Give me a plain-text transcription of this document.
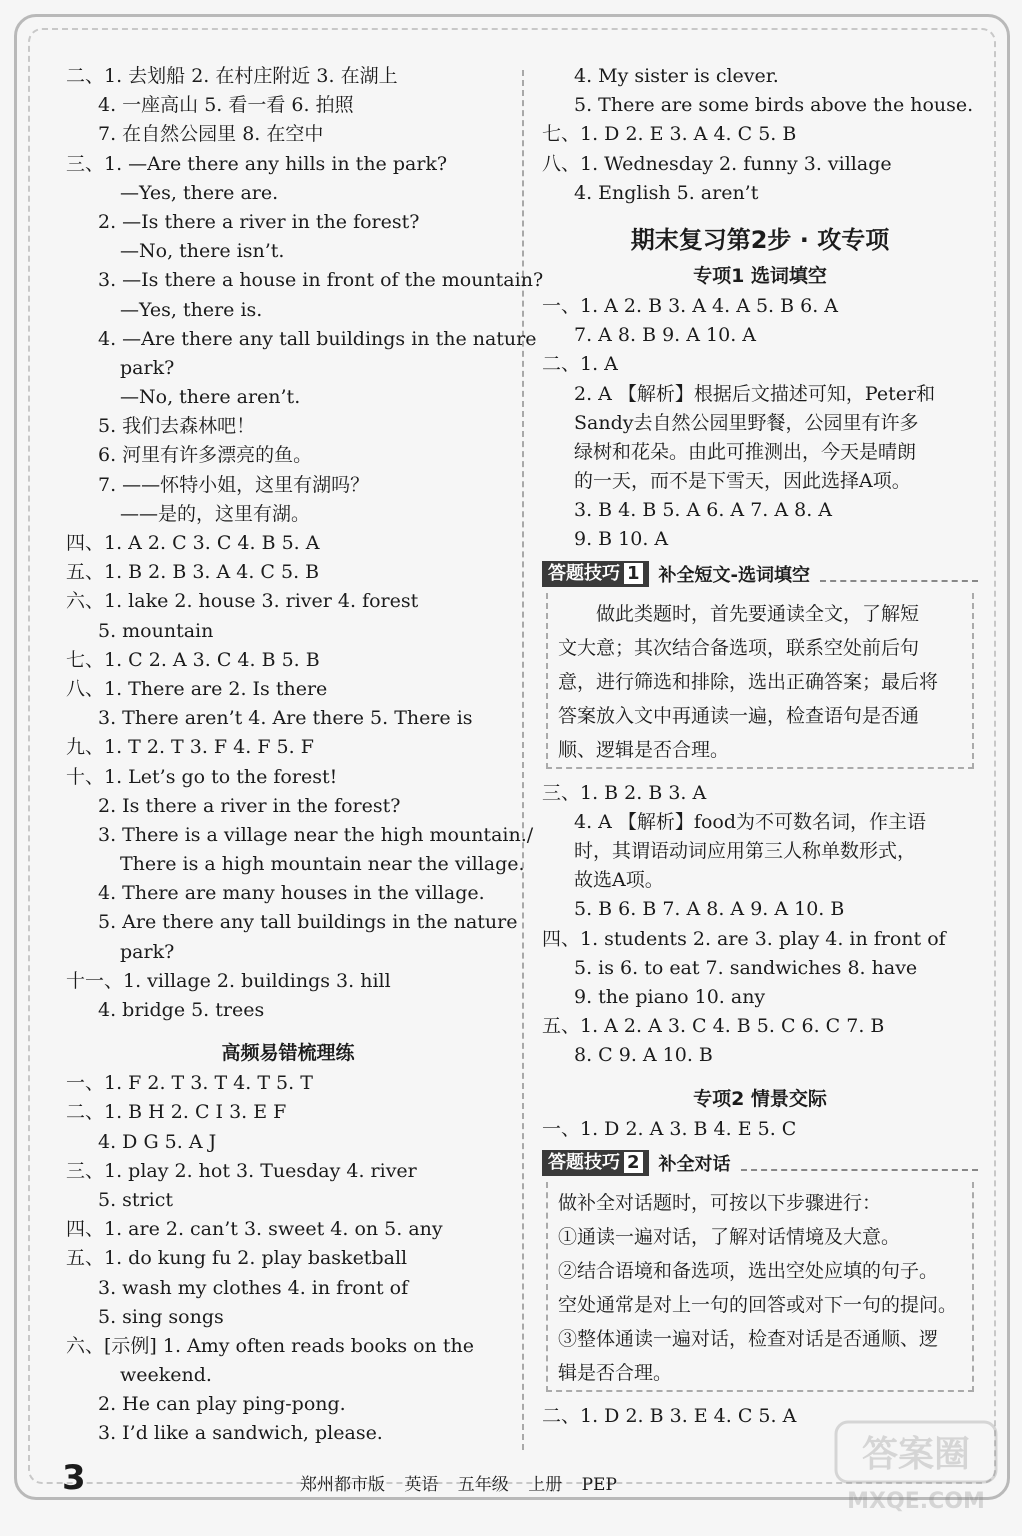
二、1. 去划船 2. 在村庄附近 3. 在湖上
4. 一座高山 5. 看一看 6. 拍照
7. 在自然公园里 8. 在空中
三、1. —Are there any hills in the park?
—Yes, there are.
2. —Is there a river in the forest?
—No, there isn’t.
3. —Is there a house in front of the mountain?
—Yes, there is.
4. —Are there any tall buildings in the nature
park?
—No, there aren’t.
5. 我们去森林吧！
6. 河里有许多漂亮的鱼。
7. ——怀特小姐，这里有湖吗？
——是的，这里有湖。
四、1. A 2. C 3. C 4. B 5. A
五、1. B 2. B 3. A 4. C 5. B
六、1. lake 2. house 3. river 4. forest
5. mountain
七、1. C 2. A 3. C 4. B 5. B
八、1. There are 2. Is there
3. There aren’t 4. Are there 5. There is
九、1. T 2. T 3. F 4. F 5. F
十、1. Let’s go to the forest!
2. Is there a river in the forest?
3. There is a village near the high mountain./
There is a high mountain near the village.
4. There are many houses in the village.
5. Are there any tall buildings in the nature
park?
十一、1. village 2. buildings 3. hill
4. bridge 5. trees
高频易错梳理练
一、1. F 2. T 3. T 4. T 5. T
二、1. B H 2. C I 3. E F
4. D G 5. A J
三、1. play 2. hot 3. Tuesday 4. river
5. strict
四、1. are 2. can’t 3. sweet 4. on 5. any
五、1. do kung fu 2. play basketball
3. wash my clothes 4. in front of
5. sing songs
六、[示例] 1. Amy often reads books on the
weekend.
2. He can play ping-pong.
3. I’d like a sandwich, please.
4. My sister is clever.
5. There are some birds above the house.
七、1. D 2. E 3. A 4. C 5. B
八、1. Wednesday 2. funny 3. village
4. English 5. aren’t
期末复习第2步 · 攻专项
专项1 选词填空
一、1. A 2. B 3. A 4. A 5. B 6. A
7. A 8. B 9. A 10. A
二、1. A
2. A 【解析】根据后文描述可知，Peter和
Sandy去自然公园里野餐，公园里有许多
绿树和花朵。由此可推测出，今天是晴朗
的一天，而不是下雪天，因此选择A项。
3. B 4. B 5. A 6. A 7. A 8. A
9. B 10. A
答题技巧 1	补全短文-选词填空
做此类题时，首先要通读全文，了解短
文大意；其次结合备选项，联系空处前后句
意，进行筛选和排除，选出正确答案；最后将
答案放入文中再通读一遍，检查语句是否通
顺、逻辑是否合理。
三、1. B 2. B 3. A
4. A 【解析】food为不可数名词，作主语
时，其谓语动词应用第三人称单数形式，
故选A项。
5. B 6. B 7. A 8. A 9. A 10. B
四、1. students 2. are 3. play 4. in front of
5. is 6. to eat 7. sandwiches 8. have
9. the piano 10. any
五、1. A 2. A 3. C 4. B 5. C 6. C 7. B
8. C 9. A 10. B
专项2 情景交际
一、1. D 2. A 3. B 4. E 5. C
答题技巧 2	补全对话
做补全对话题时，可按以下步骤进行：
①通读一遍对话，了解对话情境及大意。
②结合语境和备选项，选出空处应填的句子。
空处通常是对上一句的回答或对下一句的提问。
③整体通读一遍对话，检查对话是否通顺、逻
辑是否合理。
二、1. D 2. B 3. E 4. C 5. A
3	郑州都市版 英语 五年级 上册 PEP
答案圈
MXQE.COM
